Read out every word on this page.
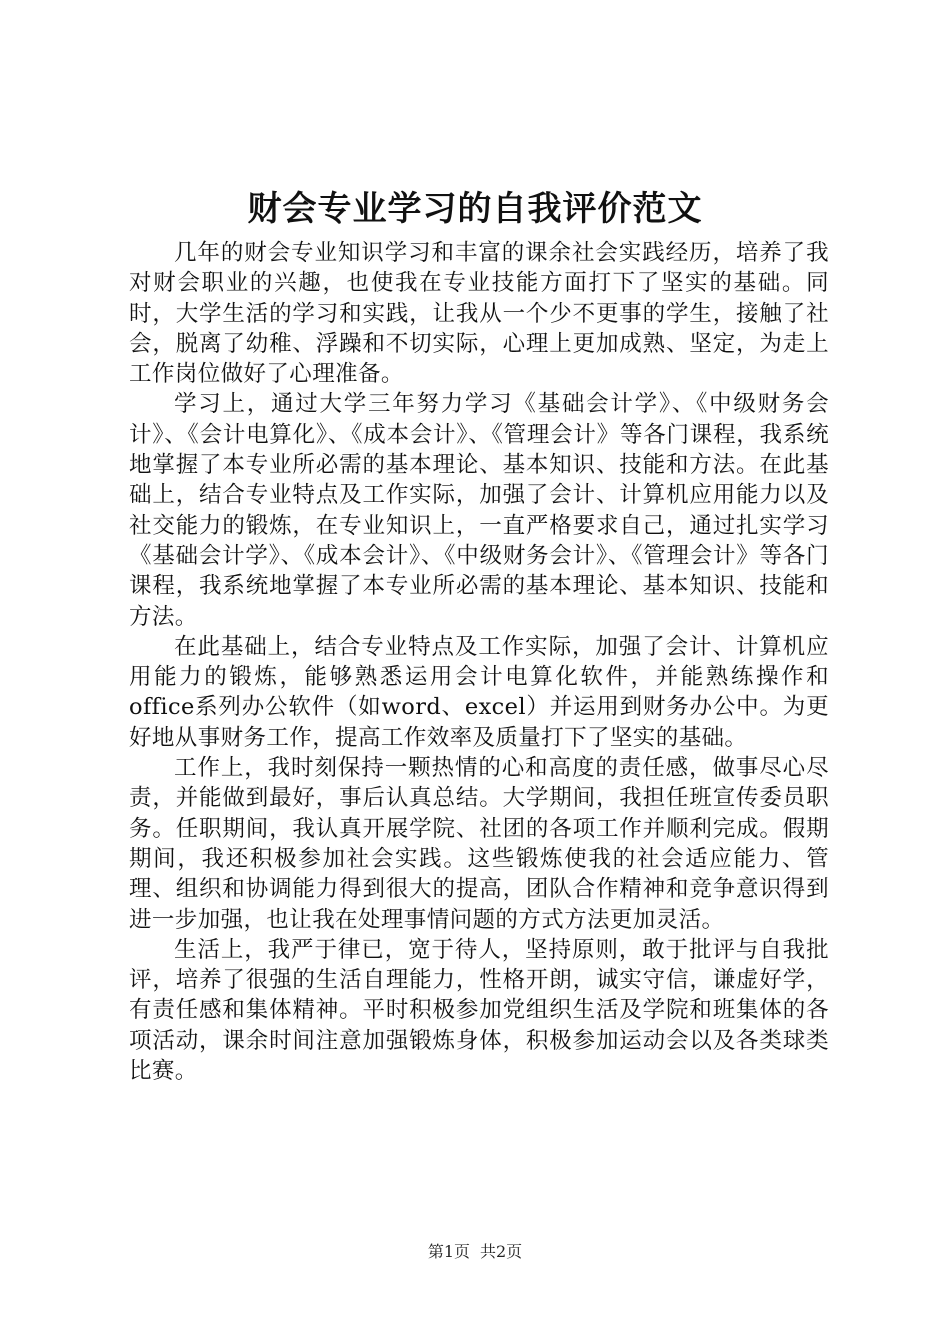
财会专业学习的自我评价范文

几年的财会专业知识学习和丰富的课余社会实践经历，培养了我对财会职业的兴趣，也使我在专业技能方面打下了坚实的基础。同时，大学生活的学习和实践，让我从一个少不更事的学生，接触了社会，脱离了幼稚、浮躁和不切实际，心理上更加成熟、坚定，为走上工作岗位做好了心理准备。

学习上，通过大学三年努力学习《基础会计学》、《中级财务会计》、《会计电算化》、《成本会计》、《管理会计》等各门课程，我系统地掌握了本专业所必需的基本理论、基本知识、技能和方法。在此基础上，结合专业特点及工作实际，加强了会计、计算机应用能力以及社交能力的锻炼，在专业知识上，一直严格要求自己，通过扎实学习《基础会计学》、《成本会计》、《中级财务会计》、《管理会计》等各门课程，我系统地掌握了本专业所必需的基本理论、基本知识、技能和方法。

在此基础上，结合专业特点及工作实际，加强了会计、计算机应用能力的锻炼，能够熟悉运用会计电算化软件，并能熟练操作和office系列办公软件（如word、excel）并运用到财务办公中。为更好地从事财务工作，提高工作效率及质量打下了坚实的基础。

工作上，我时刻保持一颗热情的心和高度的责任感，做事尽心尽责，并能做到最好，事后认真总结。大学期间，我担任班宣传委员职务。任职期间，我认真开展学院、社团的各项工作并顺利完成。假期期间，我还积极参加社会实践。这些锻炼使我的社会适应能力、管理、组织和协调能力得到很大的提高，团队合作精神和竞争意识得到进一步加强，也让我在处理事情问题的方式方法更加灵活。

生活上，我严于律已，宽于待人，坚持原则，敢于批评与自我批评，培养了很强的生活自理能力，性格开朗，诚实守信，谦虚好学，有责任感和集体精神。平时积极参加党组织生活及学院和班集体的各项活动，课余时间注意加强锻炼身体，积极参加运动会以及各类球类比赛。

第1页 共2页
